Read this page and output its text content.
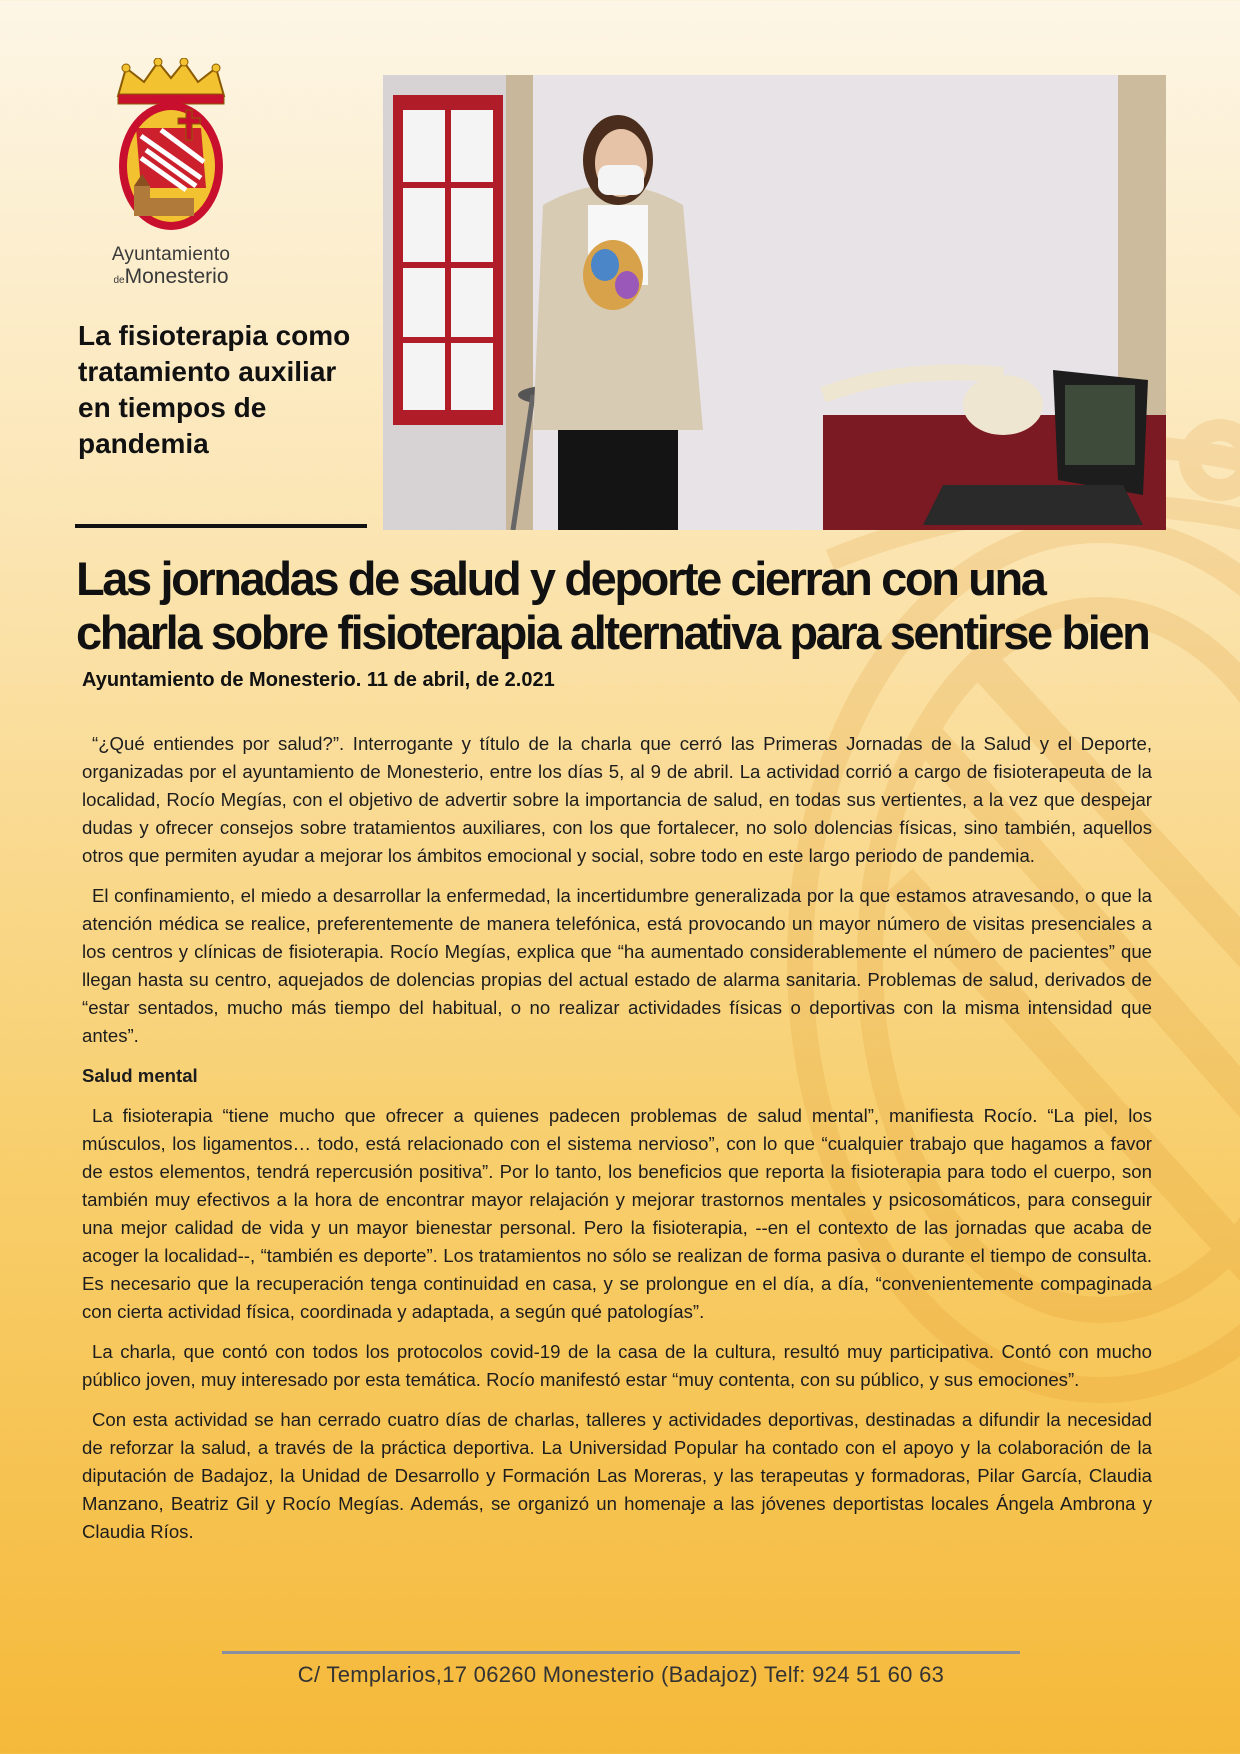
Ayuntamiento
deMonesterio
La fisioterapia como tratamiento auxiliar en tiempos de pandemia
Las jornadas de salud y deporte cierran con una charla sobre fisioterapia alternativa para sentirse bien
Ayuntamiento de Monesterio. 11 de abril, de 2.021

“¿Qué entiendes por salud?”. Interrogante y título de la charla que cerró las Primeras Jornadas de la Salud y el Deporte, organizadas por el ayuntamiento de Monesterio, entre los días 5, al 9 de abril. La actividad corrió a cargo de fisioterapeuta de la localidad, Rocío Megías, con el objetivo de advertir sobre la importancia de salud, en todas sus vertientes, a la vez que despejar dudas y ofrecer consejos sobre tratamientos auxiliares, con los que fortalecer, no solo dolencias físicas, sino también, aquellos otros que permiten ayudar a mejorar los ámbitos emocional y social, sobre todo en este largo periodo de pandemia.

El confinamiento, el miedo a desarrollar la enfermedad, la incertidumbre generalizada por la que estamos atravesando, o que la atención médica se realice, preferentemente de manera telefónica, está provocando un mayor número de visitas presenciales a los centros y clínicas de fisioterapia. Rocío Megías, explica que “ha aumentado considerablemente el número de pacientes” que llegan hasta su centro, aquejados de dolencias propias del actual estado de alarma sanitaria. Problemas de salud, derivados de “estar sentados, mucho más tiempo del habitual, o no realizar actividades físicas o deportivas con la misma intensidad que antes”.

Salud mental

La fisioterapia “tiene mucho que ofrecer a quienes padecen problemas de salud mental”, manifiesta Rocío. “La piel, los músculos, los ligamentos… todo, está relacionado con el sistema nervioso”, con lo que “cualquier trabajo que hagamos a favor de estos elementos, tendrá repercusión positiva”. Por lo tanto, los beneficios que reporta la fisioterapia para todo el cuerpo, son también muy efectivos a la hora de encontrar mayor relajación y mejorar trastornos mentales y psicosomáticos, para conseguir una mejor calidad de vida y un mayor bienestar personal. Pero la fisioterapia, --en el contexto de las jornadas que acaba de acoger la localidad--, “también es deporte”. Los tratamientos no sólo se realizan de forma pasiva o durante el tiempo de consulta. Es necesario que la recuperación tenga continuidad en casa, y se prolongue en el día, a día, “convenientemente compaginada con cierta actividad física, coordinada y adaptada, a según qué patologías”.

La charla, que contó con todos los protocolos covid-19 de la casa de la cultura, resultó muy participativa. Contó con mucho público joven, muy interesado por esta temática. Rocío manifestó estar “muy contenta, con su público, y sus emociones”.

Con esta actividad se han cerrado cuatro días de charlas, talleres y actividades deportivas, destinadas a difundir la necesidad de reforzar la salud, a través de la práctica deportiva. La Universidad Popular ha contado con el apoyo y la colaboración de la diputación de Badajoz, la Unidad de Desarrollo y Formación Las Moreras, y las terapeutas y formadoras, Pilar García, Claudia Manzano, Beatriz Gil y Rocío Megías. Además, se organizó un homenaje a las jóvenes deportistas locales Ángela Ambrona y Claudia Ríos.

C/ Templarios,17 06260 Monesterio (Badajoz) Telf: 924 51 60 63
